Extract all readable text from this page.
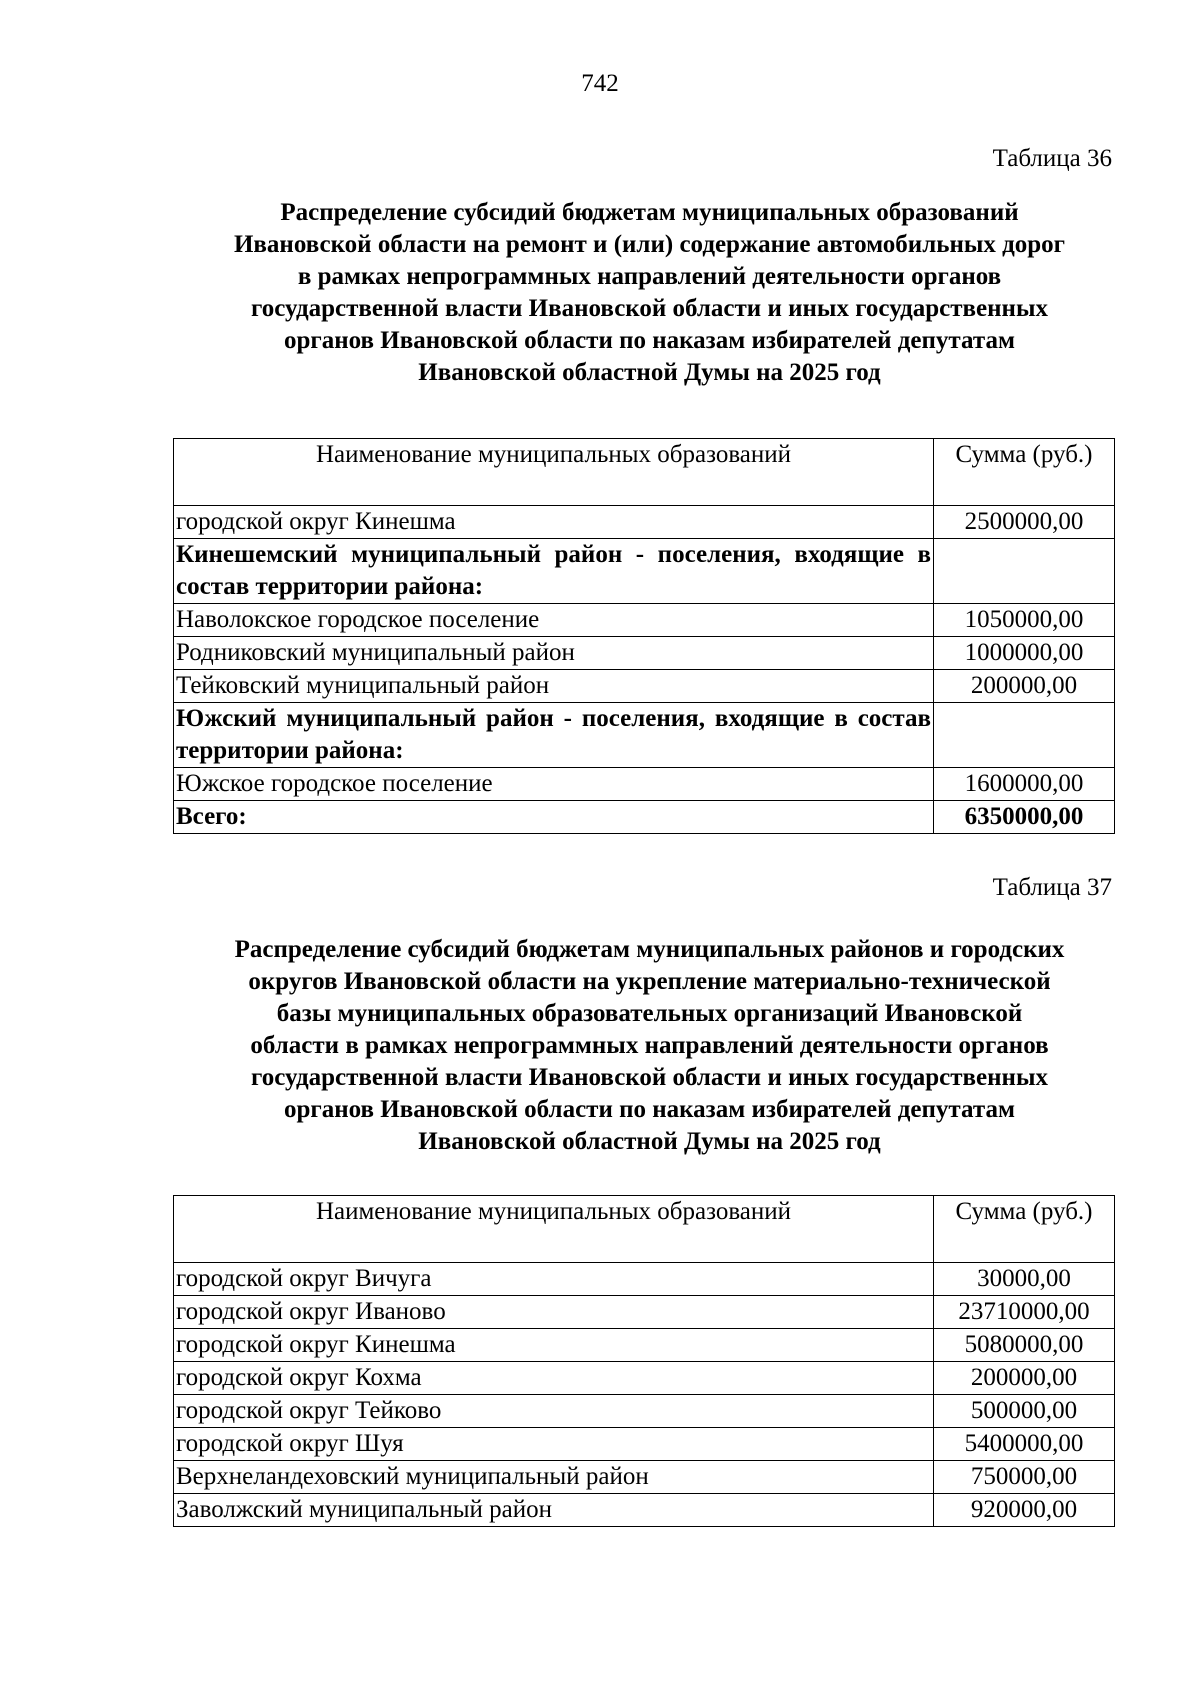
742
Таблица 36
Распределение субсидий бюджетам муниципальных образований
Ивановской области на ремонт и (или) содержание автомобильных дорог
в рамках непрограммных направлений деятельности органов
государственной власти Ивановской области и иных государственных
органов Ивановской области по наказам избирателей депутатам
Ивановской областной Думы на 2025 год
Наименование муниципальных образований	Сумма (руб.)
городской округ Кинешма	2500000,00
Кинешемский муниципальный район - поселения, входящие в состав территории района:	
Наволокское городское поселение	1050000,00
Родниковский муниципальный район	1000000,00
Тейковский муниципальный район	200000,00
Южский муниципальный район - поселения, входящие в состав территории района:	
Южское городское поселение	1600000,00
Всего:	6350000,00
Таблица 37
Распределение субсидий бюджетам муниципальных районов и городских
округов Ивановской области на укрепление материально-технической
базы муниципальных образовательных организаций Ивановской
области в рамках непрограммных направлений деятельности органов
государственной власти Ивановской области и иных государственных
органов Ивановской области по наказам избирателей депутатам
Ивановской областной Думы на 2025 год
Наименование муниципальных образований	Сумма (руб.)
городской округ Вичуга	30000,00
городской округ Иваново	23710000,00
городской округ Кинешма	5080000,00
городской округ Кохма	200000,00
городской округ Тейково	500000,00
городской округ Шуя	5400000,00
Верхнеландеховский муниципальный район	750000,00
Заволжский муниципальный район	920000,00
